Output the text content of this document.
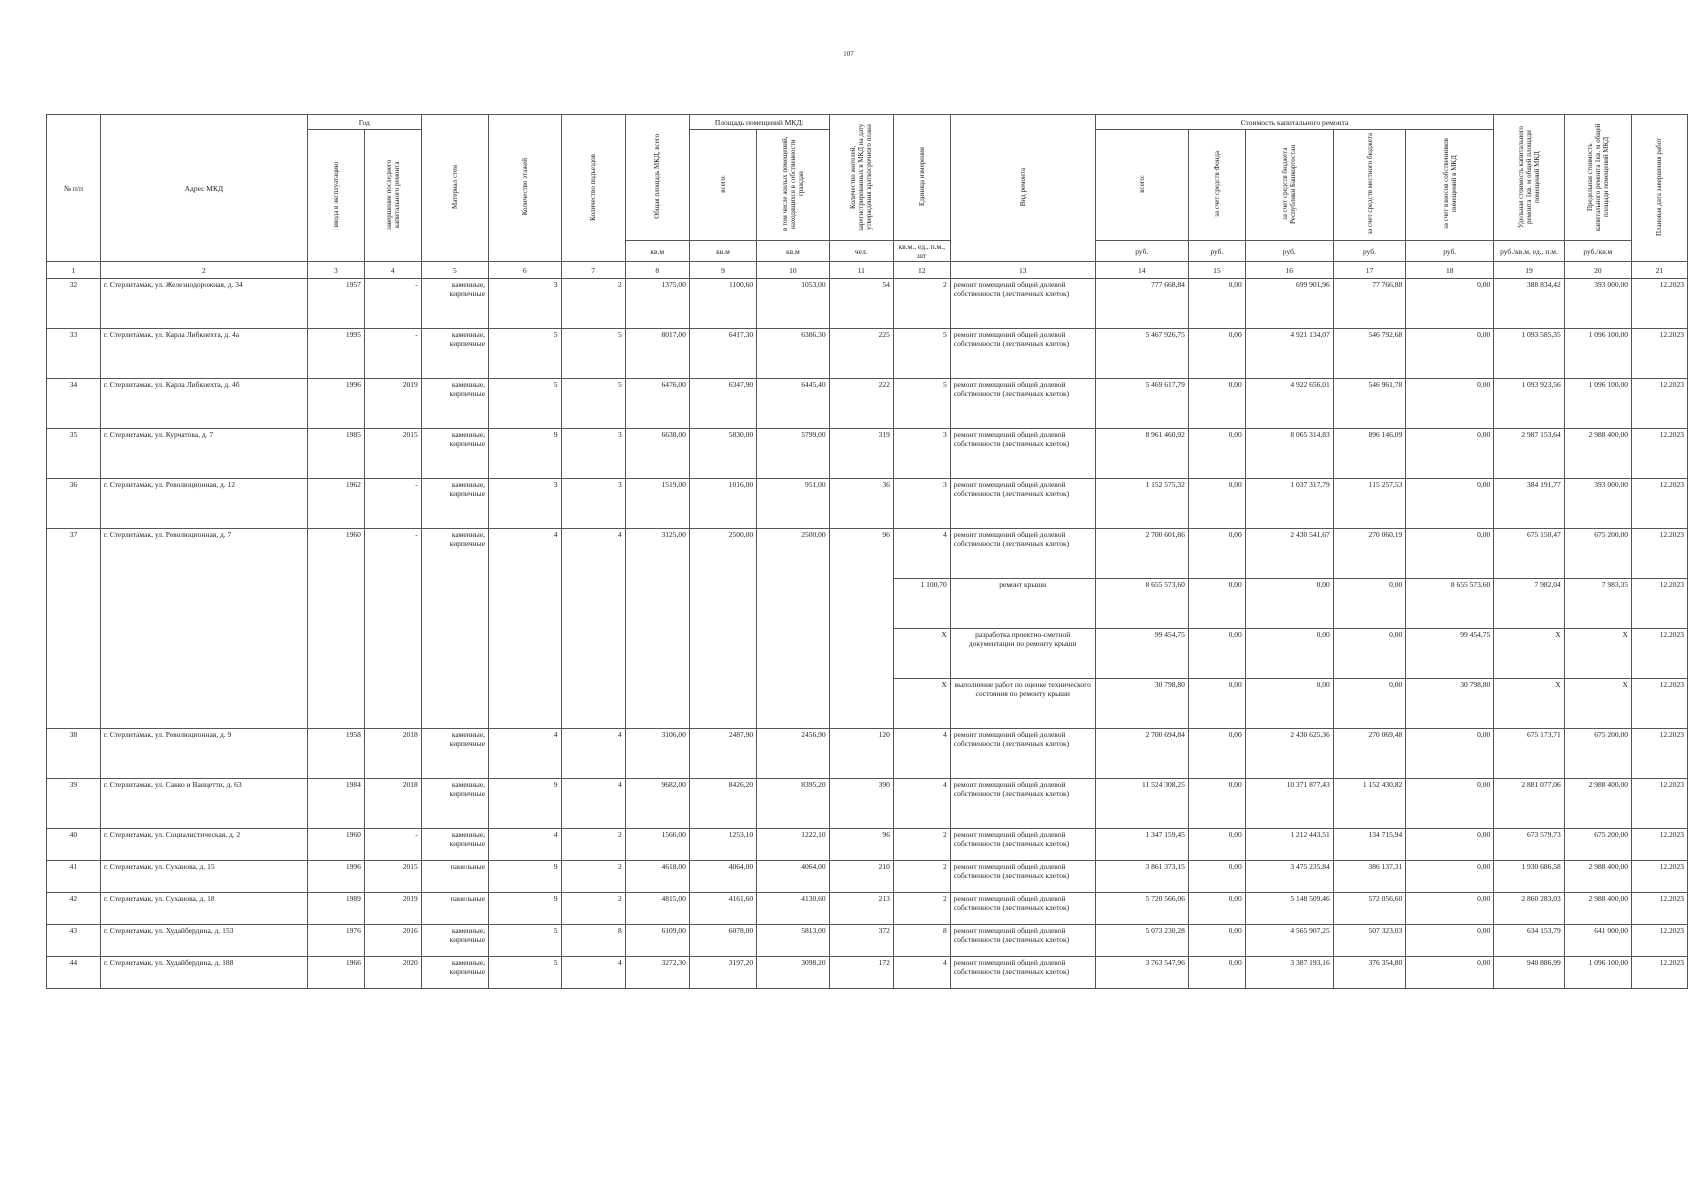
107
№ п/п	Адрес МКД	Год		Материал стен	Количество этажей	Количество подъездов	Общая площадь МКД, всего	Площадь помещений МКД:		Количество жителей, зарегистрированных в МКД на дату утверждения краткосрочного плана	Единица измерения	Вид ремонта	Стоимость капитального ремонта					Удельная стоимость капитального ремонта 1кв. м общей площади помещений МКД	Предельная стоимость капитального ремонта 1кв. м общей площади помещений МКД	Плановая дата завершения работ
		ввода в эксплуатацию	завершение последнего капитального ремонта					всего:	в том числе жилых помещений, находящихся в собственности граждан				всего:	за счет средств Фонда	за счет средств бюджета Республики Башкортостан	за счет средств местного бюджета	за счет взносов собственников помещений в МКД			
							кв.м	кв.м	кв.м	чел.	кв.м., ед., п.м., шт		руб.	руб.	руб.	руб.	руб.	руб./кв.м, ед., п.м.	руб./кв.м	
1	2	3	4	5	6	7	8	9	10	11	12	13	14	15	16	17	18	19	20	21
32	г. Стерлитамак, ул. Железнодорожная, д. 34	1957	-	каменные, кирпичные	3	2	1375,00	1100,60	1053,00	54	2	ремонт помещений общей долевой собственности (лестничных клеток)	777 668,84	0,00	699 901,96	77 766,88	0,00	388 834,42	393 000,00	12.2023
33	г. Стерлитамак, ул. Карла Либкнехта, д. 4а	1995	-	каменные, кирпичные	5	5	8017,00	6417,30	6386,30	225	5	ремонт помещений общей долевой собственности (лестничных клеток)	5 467 926,75	0,00	4 921 134,07	546 792,68	0,00	1 093 585,35	1 096 100,00	12.2023
34	г. Стерлитамак, ул. Карла Либкнехта, д. 4б	1996	2019	каменные, кирпичные	5	5	6476,00	6347,90	6445,40	222	5	ремонт помещений общей долевой собственности (лестничных клеток)	5 469 617,79	0,00	4 922 656,01	546 961,78	0,00	1 093 923,56	1 096 100,00	12.2023
35	г. Стерлитамак, ул. Курчатова, д. 7	1985	2015	каменные, кирпичные	9	3	6638,00	5830,00	5799,00	319	3	ремонт помещений общей долевой собственности (лестничных клеток)	8 961 460,92	0,00	8 065 314,83	896 146,09	0,00	2 987 153,64	2 988 400,00	12.2023
36	г. Стерлитамак, ул. Революционная, д. 12	1962	-	каменные, кирпичные	3	3	1519,00	1016,00	951,00	36	3	ремонт помещений общей долевой собственности (лестничных клеток)	1 152 575,32	0,00	1 037 317,79	115 257,53	0,00	384 191,77	393 000,00	12.2023
37	г. Стерлитамак, ул. Революционная, д. 7	1960	-	каменные, кирпичные	4	4	3125,00	2500,00	2500,00	96	4	ремонт помещений общей долевой собственности (лестничных клеток)	2 700 601,86	0,00	2 430 541,67	270 060,19	0,00	675 150,47	675 200,00	12.2023
											1 100,70	ремонт крыши	8 655 573,60	0,00	0,00	0,00	8 655 573,60	7 982,04	7 983,35	12.2023
											X	разработка проектно-сметной документации по ремонту крыши	99 454,75	0,00	0,00	0,00	99 454,75	X	X	12.2023
											X	выполнение работ по оценке технического состояния по ремонту крыши	30 798,80	0,00	0,00	0,00	30 798,80	X	X	12.2023
38	г. Стерлитамак, ул. Революционная, д. 9	1958	2018	каменные, кирпичные	4	4	3106,00	2487,90	2456,90	120	4	ремонт помещений общей долевой собственности (лестничных клеток)	2 700 694,84	0,00	2 430 625,36	270 069,48	0,00	675 173,71	675 200,00	12.2023
39	г. Стерлитамак, ул. Сакко и Ванцетти, д. 63	1984	2018	каменные, кирпичные	9	4	9682,00	8426,20	8395,20	390	4	ремонт помещений общей долевой собственности (лестничных клеток)	11 524 308,25	0,00	10 371 877,43	1 152 430,82	0,00	2 881 077,06	2 988 400,00	12.2023
40	г. Стерлитамак, ул. Социалистическая, д. 2	1960	-	каменные, кирпичные	4	2	1566,00	1253,10	1222,10	96	2	ремонт помещений общей долевой собственности (лестничных клеток)	1 347 159,45	0,00	1 212 443,51	134 715,94	0,00	673 579,73	675 200,00	12.2023
41	г. Стерлитамак, ул. Суханова, д. 15	1996	2015	панельные	9	2	4618,00	4064,00	4064,00	210	2	ремонт помещений общей долевой собственности (лестничных клеток)	3 861 373,15	0,00	3 475 235,84	386 137,31	0,00	1 930 686,58	2 988 400,00	12.2023
42	г. Стерлитамак, ул. Суханова, д. 18	1989	2019	панельные	9	2	4815,00	4161,60	4130,60	213	2	ремонт помещений общей долевой собственности (лестничных клеток)	5 720 566,06	0,00	5 148 509,46	572 056,60	0,00	2 860 283,03	2 988 400,00	12.2023
43	г. Стерлитамак, ул. Худайбердина, д. 153	1976	2016	каменные, кирпичные	5	8	6109,00	6078,00	5813,00	372	8	ремонт помещений общей долевой собственности (лестничных клеток)	5 073 230,28	0,00	4 565 907,25	507 323,03	0,00	634 153,79	641 000,00	12.2023
44	г. Стерлитамак, ул. Худайбердина, д. 188	1966	2020	каменные, кирпичные	5	4	3272,30	3197,20	3098,20	172	4	ремонт помещений общей долевой собственности (лестничных клеток)	3 763 547,96	0,00	3 387 193,16	376 354,80	0,00	940 886,99	1 096 100,00	12.2023
